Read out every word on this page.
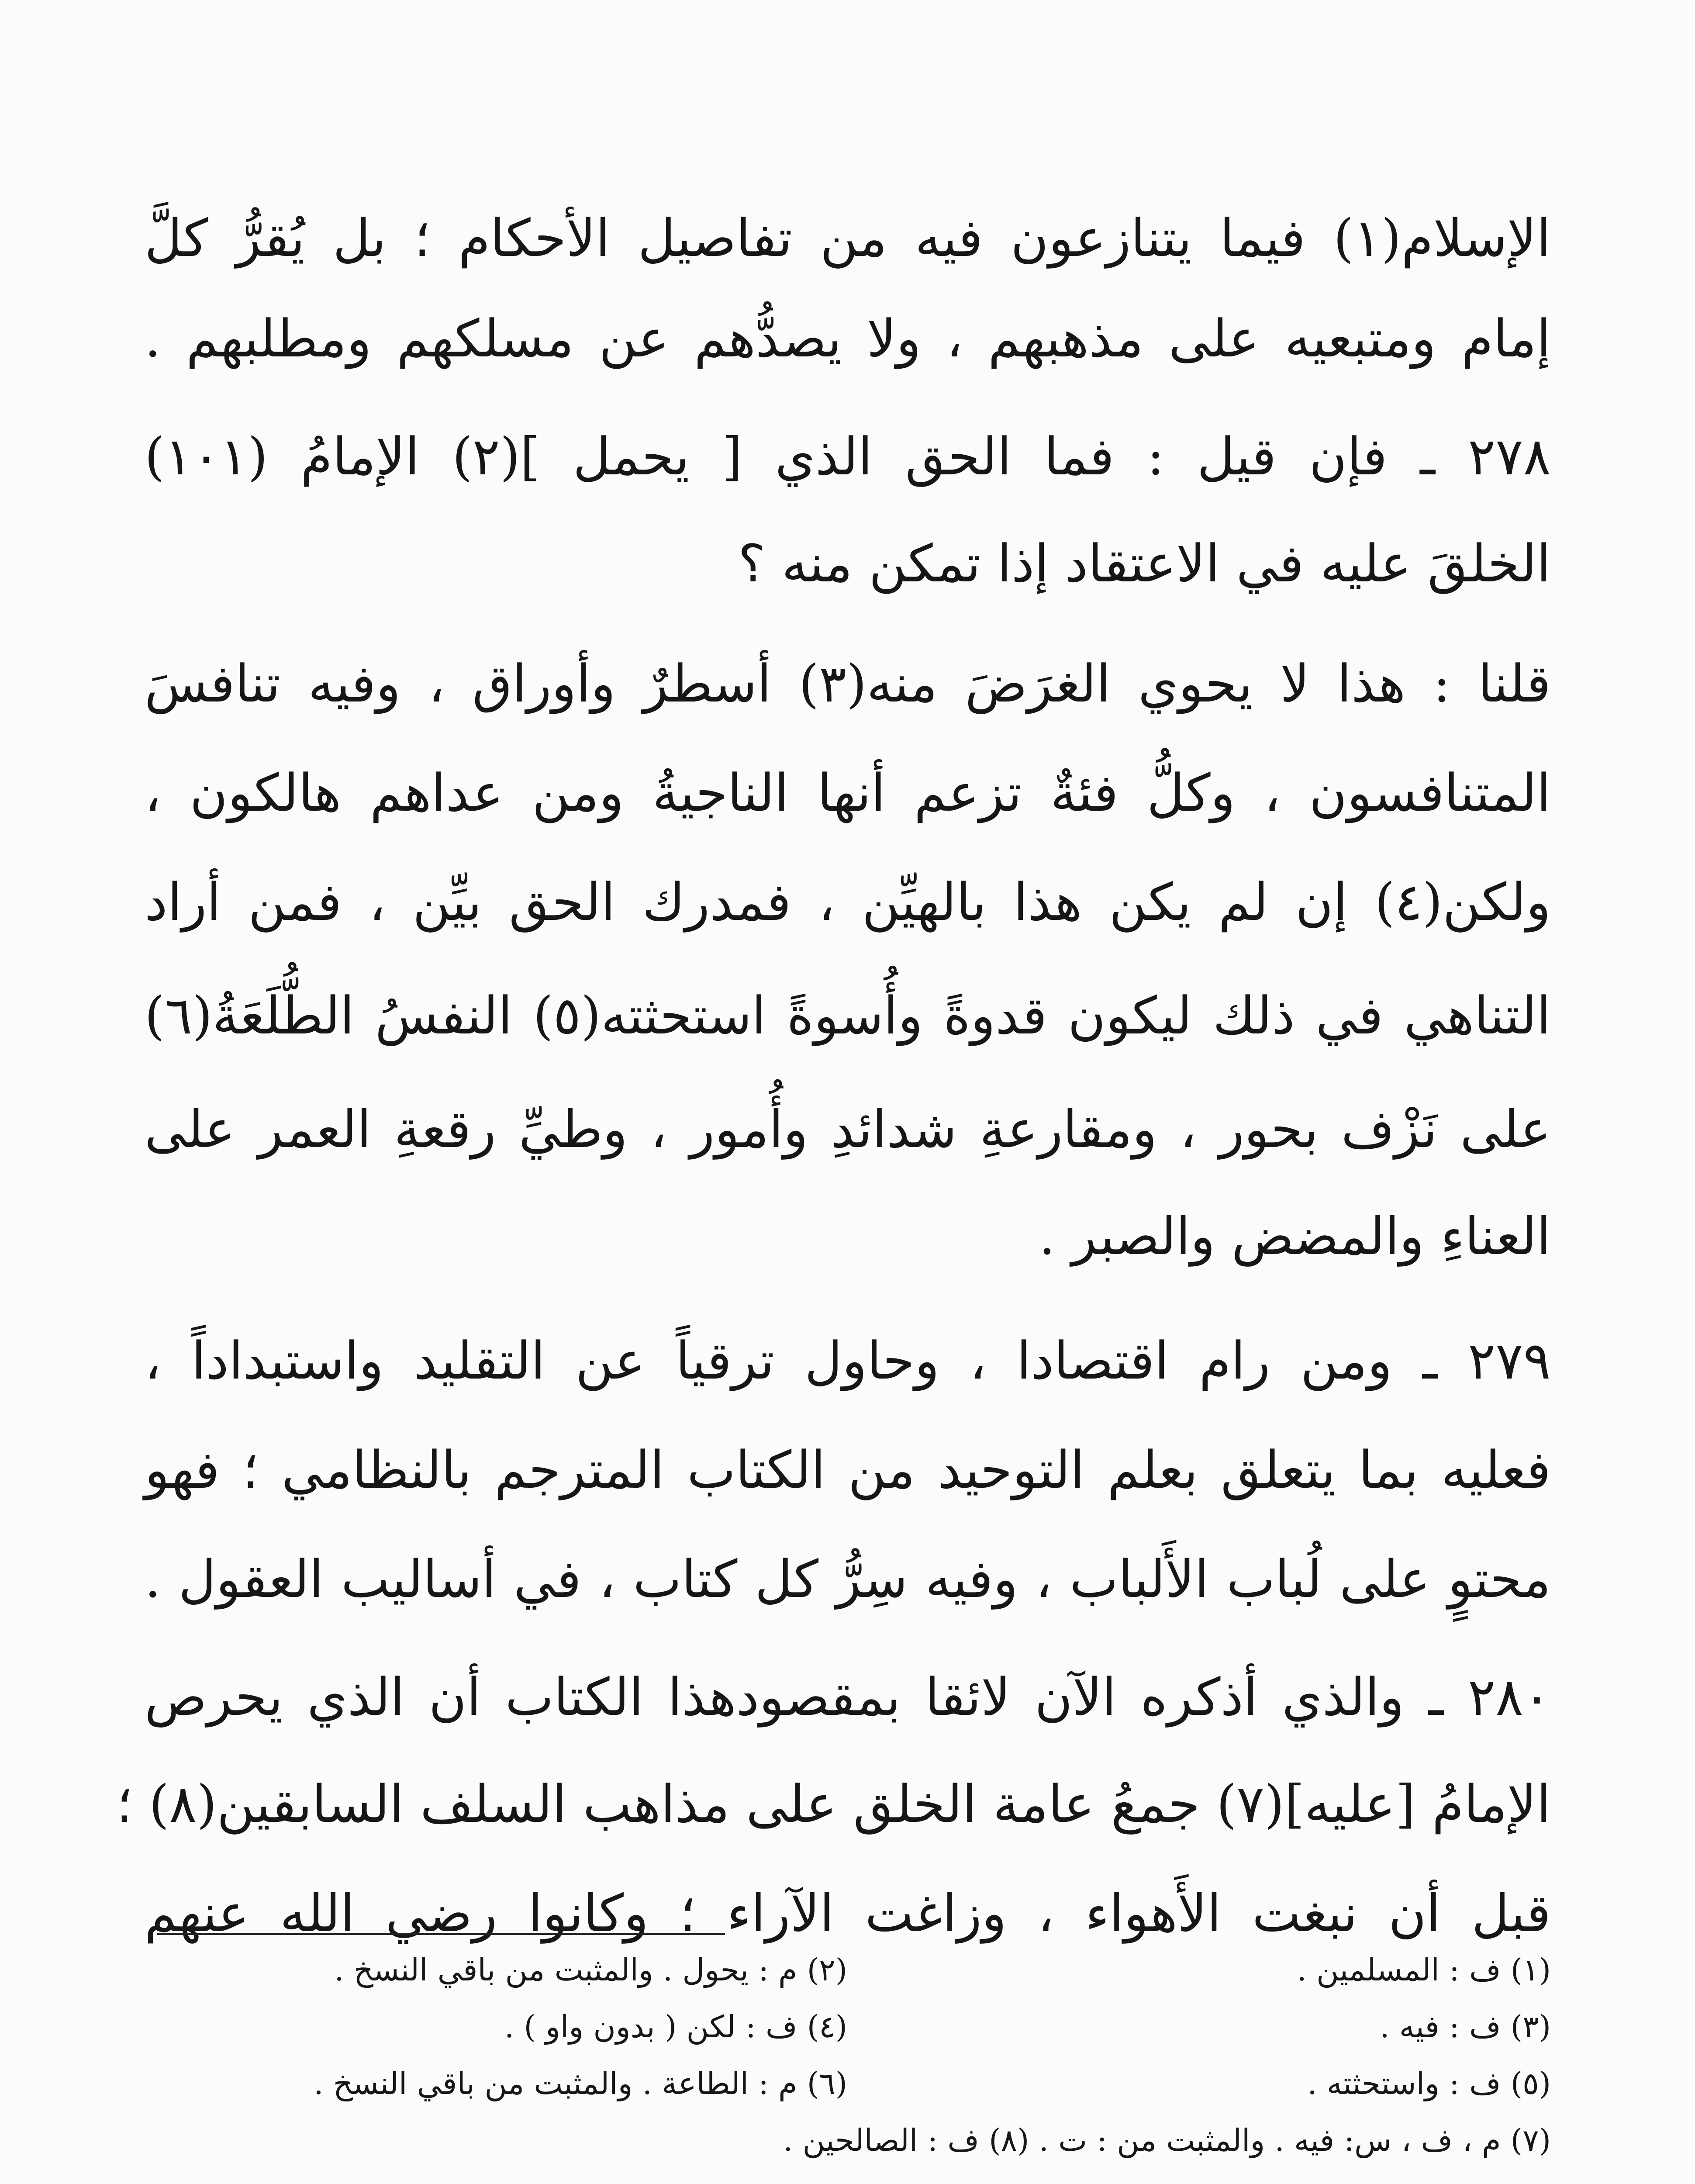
الإسلام(١) فيما يتنازعون فيه من تفاصيل الأحكام ؛ بل يُقرُّ كلَّ
إمام ومتبعيه على مذهبهم ، ولا يصدُّهم عن مسلكهم ومطلبهم .
٢٧٨ ـ فإن قيل : فما الحق الذي [ يحمل ](٢) الإمامُ (١٠١)
الخلقَ عليه في الاعتقاد إذا تمكن منه ؟
قلنا : هذا لا يحوي الغرَضَ منه(٣) أسطرٌ وأوراق ، وفيه تنافسَ
المتنافسون ، وكلُّ فئةٌ تزعم أنها الناجيةُ ومن عداهم هالكون ،
ولكن(٤) إن لم يكن هذا بالهيِّن ، فمدرك الحق بيِّن ، فمن أراد
التناهي في ذلك ليكون قدوةً وأُسوةً استحثته(٥) النفسُ الطُّلَعَةُ(٦)
على نَزْف بحور ، ومقارعةِ شدائدِ وأُمور ، وطيِّ رقعةِ العمر على
العناءِ والمضض والصبر .
٢٧٩ ـ ومن رام اقتصادا ، وحاول ترقياً عن التقليد واستبداداً ،
فعليه بما يتعلق بعلم التوحيد من الكتاب المترجم بالنظامي ؛ فهو
محتوٍ على لُباب الأَلباب ، وفيه سِرُّ كل كتاب ، في أساليب العقول .
٢٨٠ ـ والذي أذكره الآن لائقا بمقصودهذا الكتاب أن الذي يحرص
الإمامُ [عليه](٧) جمعُ عامة الخلق على مذاهب السلف السابقين(٨) ؛
قبل أن نبغت الأَهواء ، وزاغت الآراء ؛ وكانوا رضي الله عنهم
(١) ف : المسلمين .
(٢) م : يحول . والمثبت من باقي النسخ .
(٣) ف : فيه .
(٤) ف : لكن ( بدون واو ) .
(٥) ف : واستحثته .
(٦) م : الطاعة . والمثبت من باقي النسخ .
(٧) م ، ف ، س: فيه . والمثبت من : ت . (٨) ف : الصالحين .
